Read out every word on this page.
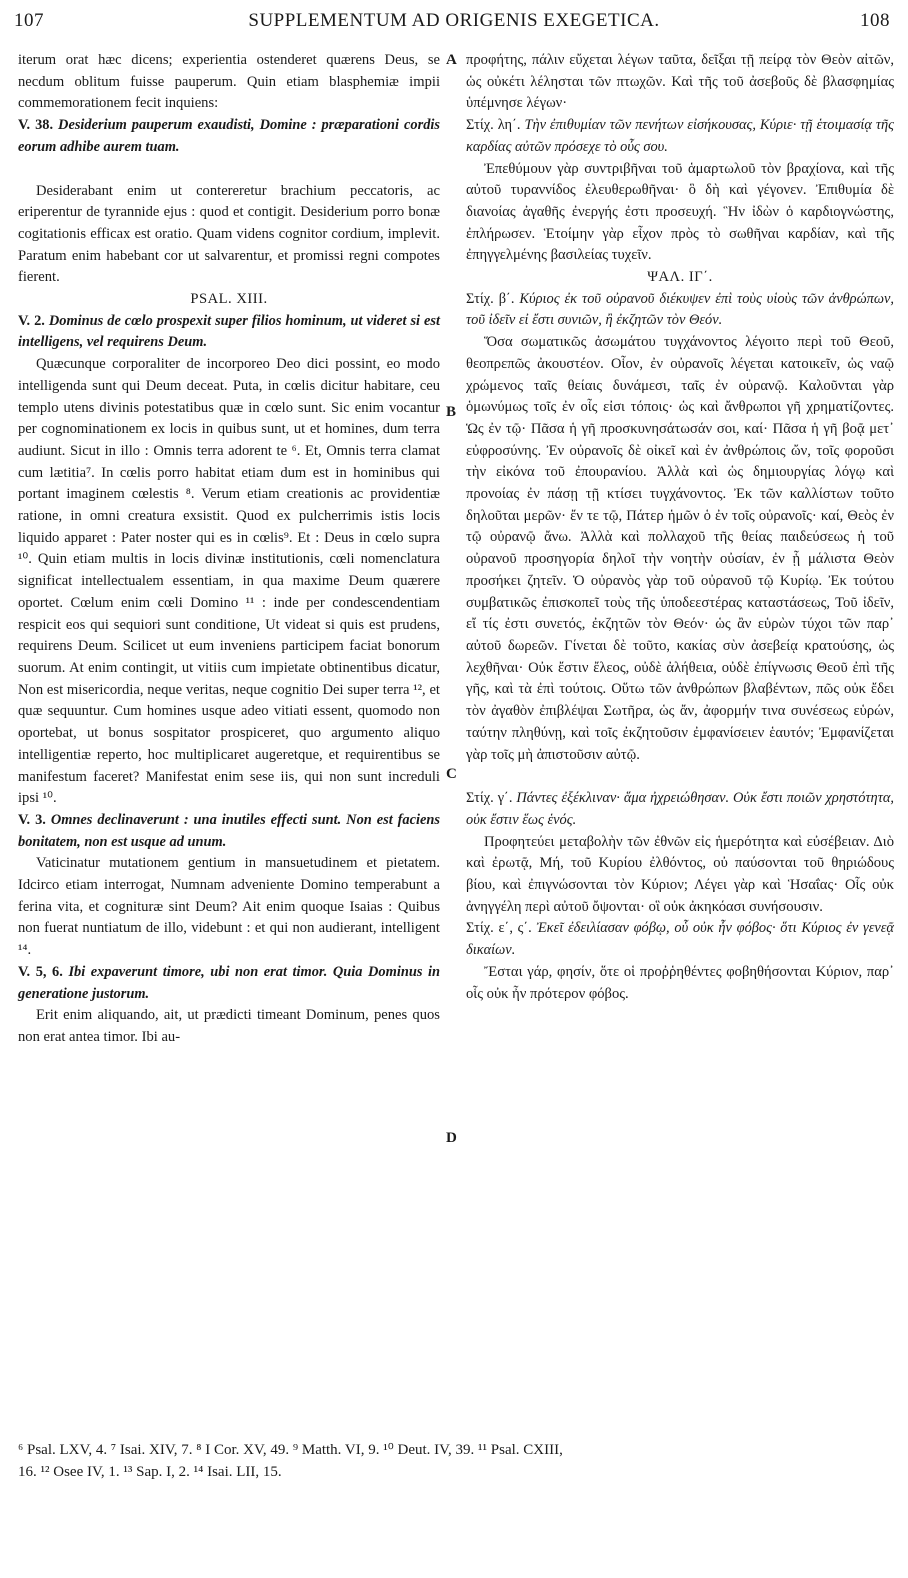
107	SUPPLEMENTUM AD ORIGENIS EXEGETICA.	108
A
B
C
D

iterum orat hæc dicens; experientia ostenderet quærens Deus, se necdum oblitum fuisse pauperum. Quin etiam blasphemiæ impii commemorationem fecit inquiens:

V. 38. Desiderium pauperum exaudisti, Domine : præparationi cordis eorum adhibe aurem tuam.

Desiderabant enim ut contereretur brachium peccatoris, ac eriperentur de tyrannide ejus : quod et contigit. Desiderium porro bonæ cogitationis efficax est oratio. Quam videns cognitor cordium, implevit. Paratum enim habebant cor ut salvarentur, et promissi regni compotes fierent.

PSAL. XIII.
V. 2. Dominus de cœlo prospexit super filios hominum, ut videret si est intelligens, vel requirens Deum.

Quæcunque corporaliter de incorporeo Deo dici possint, eo modo intelligenda sunt qui Deum deceat. Puta, in cœlis dicitur habitare, ceu templo utens divinis potestatibus quæ in cœlo sunt. Sic enim vocantur per cognominationem ex locis in quibus sunt, ut et homines, dum terra audiunt. Sicut in illo : Omnis terra adorent te ⁶. Et, Omnis terra clamat cum lætitia⁷. In cœlis porro habitat etiam dum est in hominibus qui portant imaginem cœlestis ⁸. Verum etiam creationis ac providentiæ ratione, in omni creatura exsistit. Quod ex pulcherrimis istis locis liquido apparet : Pater noster qui es in cœlis⁹. Et : Deus in cœlo supra ¹⁰. Quin etiam multis in locis divinæ institutionis, cœli nomenclatura significat intellectualem essentiam, in qua maxime Deum quærere oportet. Cœlum enim cœli Domino ¹¹ : inde per condescendentiam respicit eos qui sequiori sunt conditione, Ut videat si quis est prudens, requirens Deum. Scilicet ut eum inveniens participem faciat bonorum suorum. At enim contingit, ut vitiis cum impietate obtinentibus dicatur, Non est misericordia, neque veritas, neque cognitio Dei super terra ¹², et quæ sequuntur. Cum homines usque adeo vitiati essent, quomodo non oportebat, ut bonus sospitator prospiceret, quo argumento aliquo intelligentiæ reperto, hoc multiplicaret augeretque, et requirentibus se manifestum faceret? Manifestat enim sese iis, qui non sunt increduli ipsi ¹⁰.

V. 3. Omnes declinaverunt : una inutiles effecti sunt. Non est faciens bonitatem, non est usque ad unum.

Vaticinatur mutationem gentium in mansuetudinem et pietatem. Idcirco etiam interrogat, Numnam adveniente Domino temperabunt a ferina vita, et cognituræ sint Deum? Ait enim quoque Isaias : Quibus non fuerat nuntiatum de illo, videbunt : et qui non audierant, intelligent ¹⁴.

V. 5, 6. Ibi expaverunt timore, ubi non erat timor. Quia Dominus in generatione justorum.

Erit enim aliquando, ait, ut prædicti timeant Dominum, penes quos non erat antea timor. Ibi au-

προφήτης, πάλιν εὔχεται λέγων ταῦτα, δεῖξαι τῇ πείρᾳ τὸν Θεὸν αἰτῶν, ὡς οὐκέτι λέλησται τῶν πτωχῶν. Καὶ τῆς τοῦ ἀσεβοῦς δὲ βλασφημίας ὑπέμνησε λέγων·

Στίχ. λη΄. Τὴν ἐπιθυμίαν τῶν πενήτων εἰσήκουσας, Κύριε· τῇ ἑτοιμασίᾳ τῆς καρδίας αὐτῶν πρόσεχε τὸ οὖς σου.

Ἐπεθύμουν γὰρ συντριβῆναι τοῦ ἁμαρτωλοῦ τὸν βραχίονα, καὶ τῆς αὐτοῦ τυραννίδος ἐλευθερωθῆναι· ὃ δὴ καὶ γέγονεν. Ἐπιθυμία δὲ διανοίας ἀγαθῆς ἐνεργής ἐστι προσευχή. Ἣν ἰδὼν ὁ καρδιογνώστης, ἐπλήρωσεν. Ἑτοίμην γὰρ εἶχον πρὸς τὸ σωθῆναι καρδίαν, καὶ τῆς ἐπηγγελμένης βασιλείας τυχεῖν.

ΨΑΛ. ΙΓ΄.
Στίχ. β΄. Κύριος ἐκ τοῦ οὐρανοῦ διέκυψεν ἐπὶ τοὺς υἱοὺς τῶν ἀνθρώπων, τοῦ ἰδεῖν εἰ ἔστι συνιῶν, ἢ ἐκζητῶν τὸν Θεόν.

Ὅσα σωματικῶς ἀσωμάτου τυγχάνοντος λέγοιτο περὶ τοῦ Θεοῦ, θεοπρεπῶς ἀκουστέον. Οἷον, ἐν οὐρανοῖς λέγεται κατοικεῖν, ὡς ναῷ χρώμενος ταῖς θείαις δυνάμεσι, ταῖς ἐν οὐρανῷ. Καλοῦνται γὰρ ὁμωνύμως τοῖς ἐν οἷς εἰσι τόποις· ὡς καὶ ἄνθρωποι γῆ χρηματίζοντες. Ὡς ἐν τῷ· Πᾶσα ἡ γῆ προσκυνησάτωσάν σοι, καί· Πᾶσα ἡ γῆ βοᾷ μετ᾽ εὐφροσύνης. Ἐν οὐρανοῖς δὲ οἰκεῖ καὶ ἐν ἀνθρώποις ὤν, τοῖς φοροῦσι τὴν εἰκόνα τοῦ ἐπουρανίου. Ἀλλὰ καὶ ὡς δημιουργίας λόγῳ καὶ προνοίας ἐν πάσῃ τῇ κτίσει τυγχάνοντος. Ἐκ τῶν καλλίστων τοῦτο δηλοῦται μερῶν· ἔν τε τῷ, Πάτερ ἡμῶν ὁ ἐν τοῖς οὐρανοῖς· καί, Θεὸς ἐν τῷ οὐρανῷ ἄνω. Ἀλλὰ καὶ πολλαχοῦ τῆς θείας παιδεύσεως ἡ τοῦ οὐρανοῦ προσηγορία δηλοῖ τὴν νοητὴν οὐσίαν, ἐν ᾗ μάλιστα Θεὸν προσήκει ζητεῖν. Ὁ οὐρανὸς γὰρ τοῦ οὐρανοῦ τῷ Κυρίῳ. Ἐκ τούτου συμβατικῶς ἐπισκοπεῖ τοὺς τῆς ὑποδεεστέρας καταστάσεως, Τοῦ ἰδεῖν, εἴ τίς ἐστι συνετός, ἐκζητῶν τὸν Θεόν· ὡς ἂν εὑρὼν τύχοι τῶν παρ᾽ αὐτοῦ δωρεῶν. Γίνεται δὲ τοῦτο, κακίας σὺν ἀσεβείᾳ κρατούσης, ὡς λεχθῆναι· Οὐκ ἔστιν ἔλεος, οὐδὲ ἀλήθεια, οὐδὲ ἐπίγνωσις Θεοῦ ἐπὶ τῆς γῆς, καὶ τὰ ἐπὶ τούτοις. Οὕτω τῶν ἀνθρώπων βλαβέντων, πῶς οὐκ ἔδει τὸν ἀγαθὸν ἐπιβλέψαι Σωτῆρα, ὡς ἄν, ἀφορμήν τινα συνέσεως εὑρών, ταύτην πληθύνῃ, καὶ τοῖς ἐκζητοῦσιν ἐμφανίσειεν ἑαυτόν; Ἐμφανίζεται γὰρ τοῖς μὴ ἀπιστοῦσιν αὐτῷ.

Στίχ. γ΄. Πάντες ἐξέκλιναν· ἅμα ἠχρειώθησαν. Οὐκ ἔστι ποιῶν χρηστότητα, οὐκ ἔστιν ἕως ἑνός.

Προφητεύει μεταβολὴν τῶν ἐθνῶν εἰς ἡμερότητα καὶ εὐσέβειαν. Διὸ καὶ ἐρωτᾷ, Μή, τοῦ Κυρίου ἐλθόντος, οὐ παύσονται τοῦ θηριώδους βίου, καὶ ἐπιγνώσονται τὸν Κύριον; Λέγει γὰρ καὶ Ἡσαΐας· Οἷς οὐκ ἀνηγγέλη περὶ αὐτοῦ ὄψονται· οἳ οὐκ ἀκηκόασι συνήσουσιν.

Στίχ. ε΄, ς΄. Ἐκεῖ ἐδειλίασαν φόβῳ, οὗ οὐκ ἦν φόβος· ὅτι Κύριος ἐν γενεᾷ δικαίων.

Ἔσται γάρ, φησίν, ὅτε οἱ προῤῥηθέντες φοβηθήσονται Κύριον, παρ᾽ οἷς οὐκ ἦν πρότερον φόβος.

⁶ Psal. LXV, 4. ⁷ Isai. XIV, 7. ⁸ I Cor. XV, 49. ⁹ Matth. VI, 9. ¹⁰ Deut. IV, 39. ¹¹ Psal. CXIII,
16. ¹² Osee IV, 1. ¹³ Sap. I, 2. ¹⁴ Isai. LII, 15.
